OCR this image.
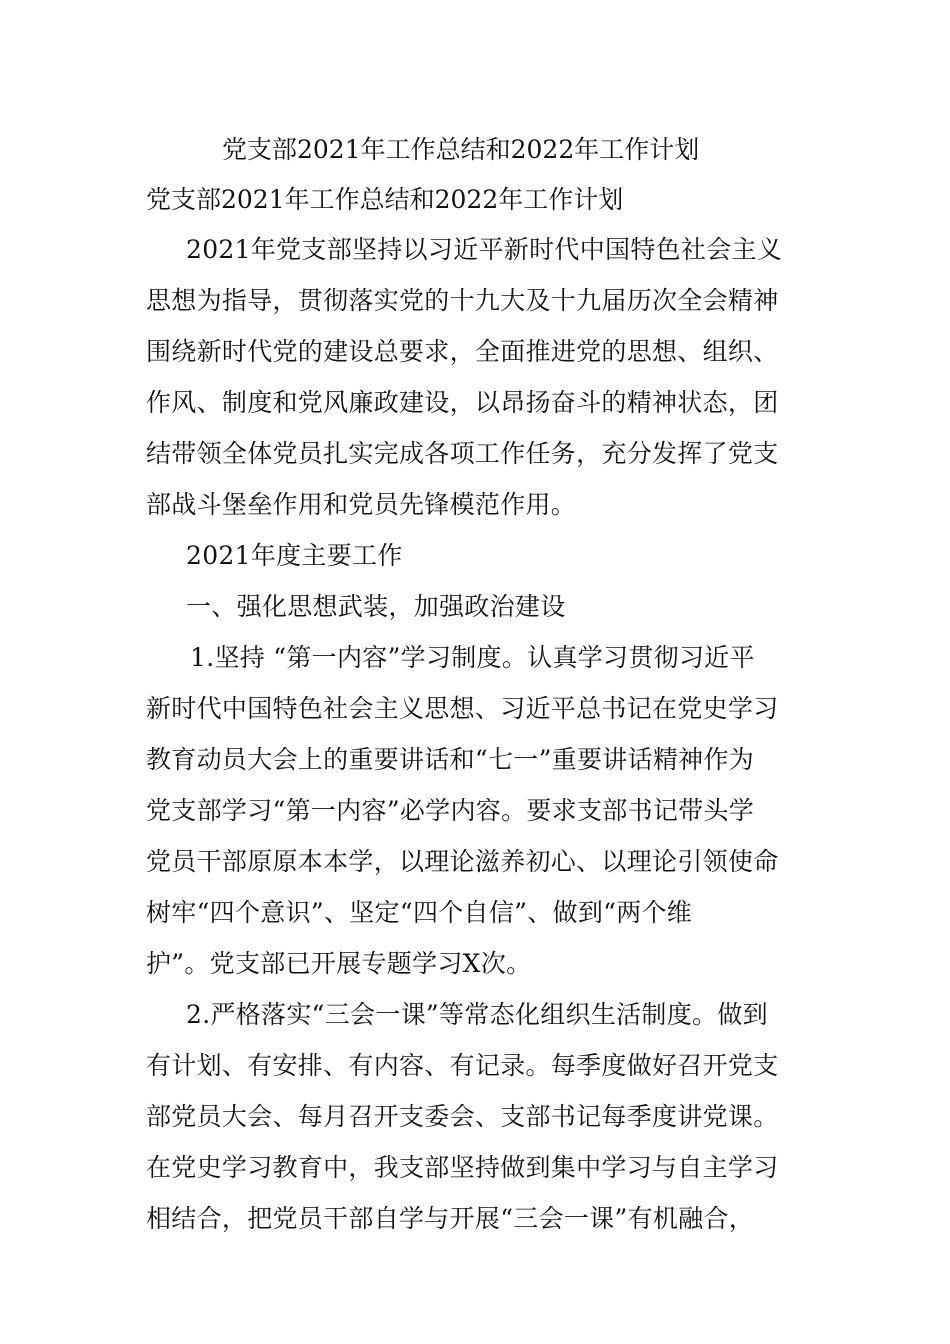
党支部2021年工作总结和2022年工作计划
党支部2021年工作总结和2022年工作计划
2021年党支部坚持以习近平新时代中国特色社会主义
思想为指导，贯彻落实党的十九大及十九届历次全会精神
围绕新时代党的建设总要求，全面推进党的思想、组织、
作风、制度和党风廉政建设，以昂扬奋斗的精神状态，团
结带领全体党员扎实完成各项工作任务，充分发挥了党支
部战斗堡垒作用和党员先锋模范作用。
2021年度主要工作
一、强化思想武装，加强政治建设
1.坚持 “第一内容”学习制度。认真学习贯彻习近平
新时代中国特色社会主义思想、习近平总书记在党史学习
教育动员大会上的重要讲话和“七一”重要讲话精神作为
党支部学习“第一内容”必学内容。要求支部书记带头学
党员干部原原本本学，以理论滋养初心、以理论引领使命
树牢“四个意识”、坚定“四个自信”、做到“两个维
护”。党支部已开展专题学习X次。
2.严格落实“三会一课”等常态化组织生活制度。做到
有计划、有安排、有内容、有记录。每季度做好召开党支
部党员大会、每月召开支委会、支部书记每季度讲党课。
在党史学习教育中，我支部坚持做到集中学习与自主学习
相结合，把党员干部自学与开展“三会一课”有机融合，
